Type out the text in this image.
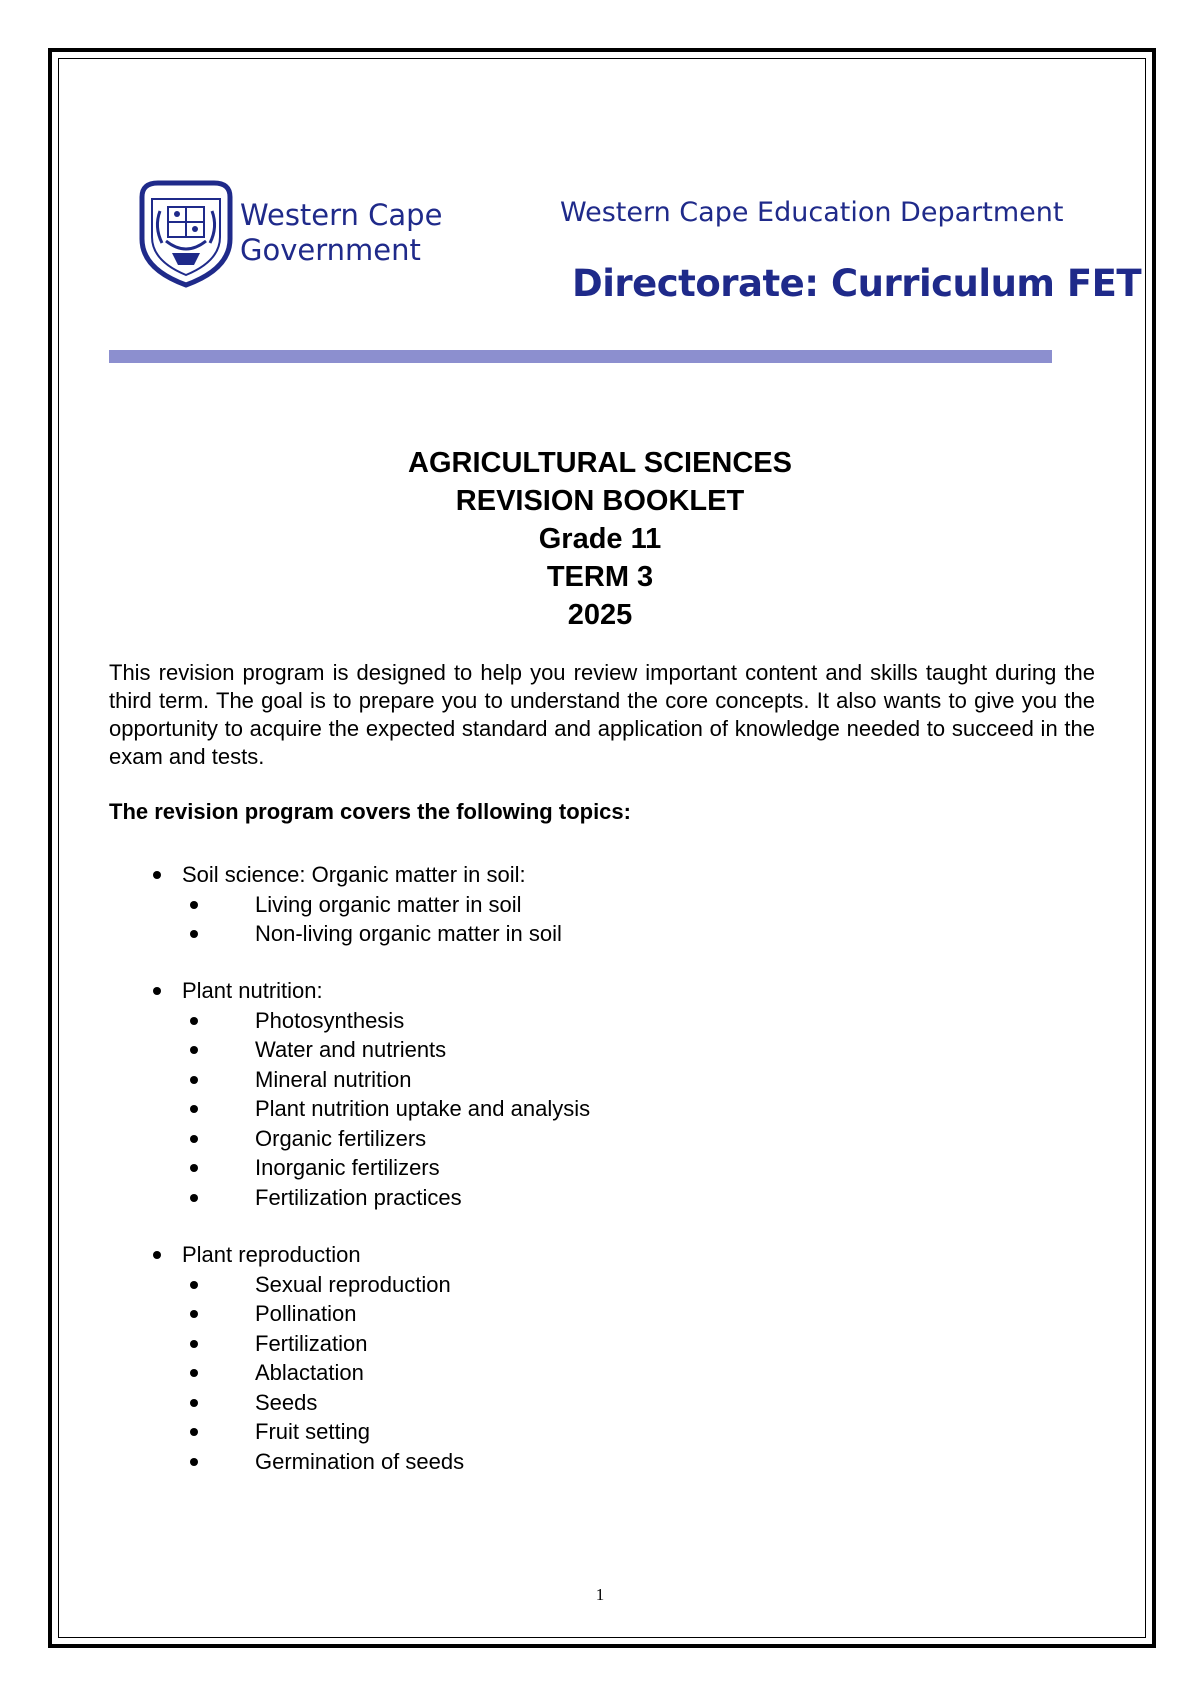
Western Cape
Government
Western Cape Education Department
Directorate: Curriculum FET
AGRICULTURAL SCIENCES
REVISION BOOKLET
Grade 11
TERM 3
2025
This revision program is designed to help you review important content and skills taught during the third term. The goal is to prepare you to understand the core concepts. It also wants to give you the opportunity to acquire the expected standard and application of knowledge needed to succeed in the exam and tests.
The revision program covers the following topics:
Soil science: Organic matter in soil:
Living organic matter in soil
Non-living organic matter in soil
Plant nutrition:
Photosynthesis
Water and nutrients
Mineral nutrition
Plant nutrition uptake and analysis
Organic fertilizers
Inorganic fertilizers
Fertilization practices
Plant reproduction
Sexual reproduction
Pollination
Fertilization
Ablactation
Seeds
Fruit setting
Germination of seeds
1
